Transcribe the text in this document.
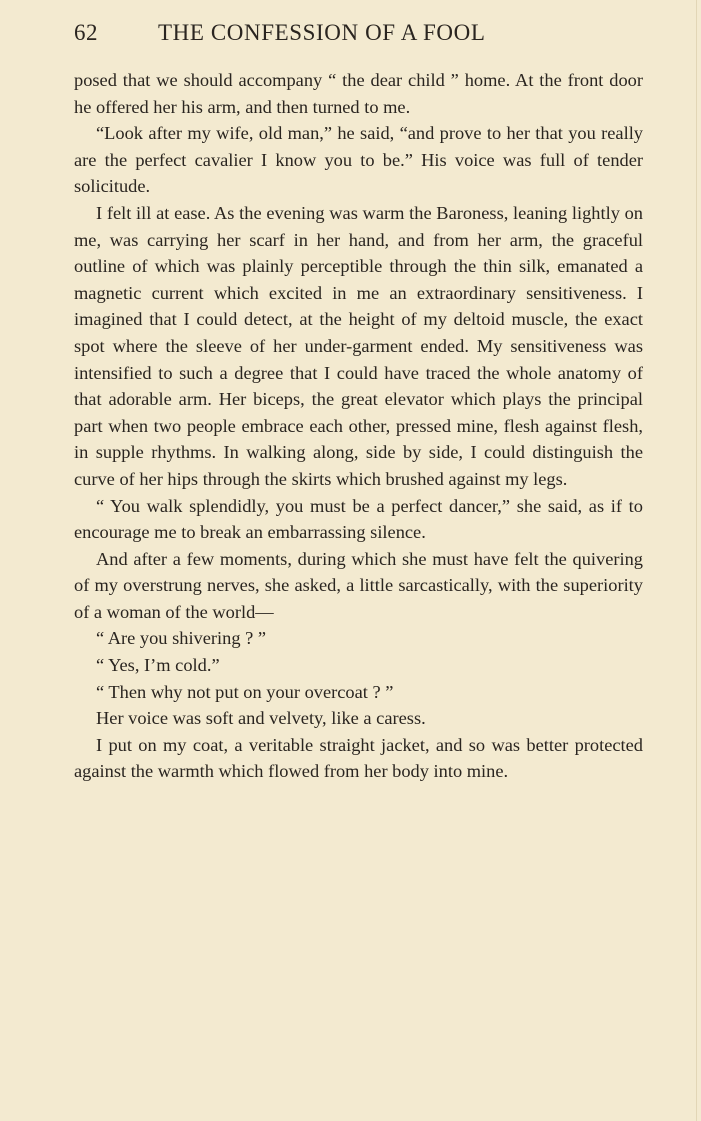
62	THE CONFESSION OF A FOOL

posed that we should accompany “ the dear child ” home. At the front door he offered her his arm, and then turned to me.

“Look after my wife, old man,” he said, “and prove to her that you really are the perfect cavalier I know you to be.” His voice was full of tender solicitude.

I felt ill at ease. As the evening was warm the Baroness, leaning lightly on me, was carrying her scarf in her hand, and from her arm, the graceful outline of which was plainly perceptible through the thin silk, emanated a magnetic current which excited in me an extraordinary sensitiveness. I imagined that I could detect, at the height of my deltoid muscle, the exact spot where the sleeve of her under-garment ended. My sensitiveness was intensified to such a degree that I could have traced the whole anatomy of that adorable arm. Her biceps, the great elevator which plays the principal part when two people embrace each other, pressed mine, flesh against flesh, in supple rhythms. In walking along, side by side, I could distinguish the curve of her hips through the skirts which brushed against my legs.

“ You walk splendidly, you must be a perfect dancer,” she said, as if to encourage me to break an embarrassing silence.

And after a few moments, during which she must have felt the quivering of my overstrung nerves, she asked, a little sarcastically, with the superiority of a woman of the world—

“ Are you shivering ? ”

“ Yes, I’m cold.”

“ Then why not put on your overcoat ? ”

Her voice was soft and velvety, like a caress.

I put on my coat, a veritable straight jacket, and so was better protected against the warmth which flowed from her body into mine.
